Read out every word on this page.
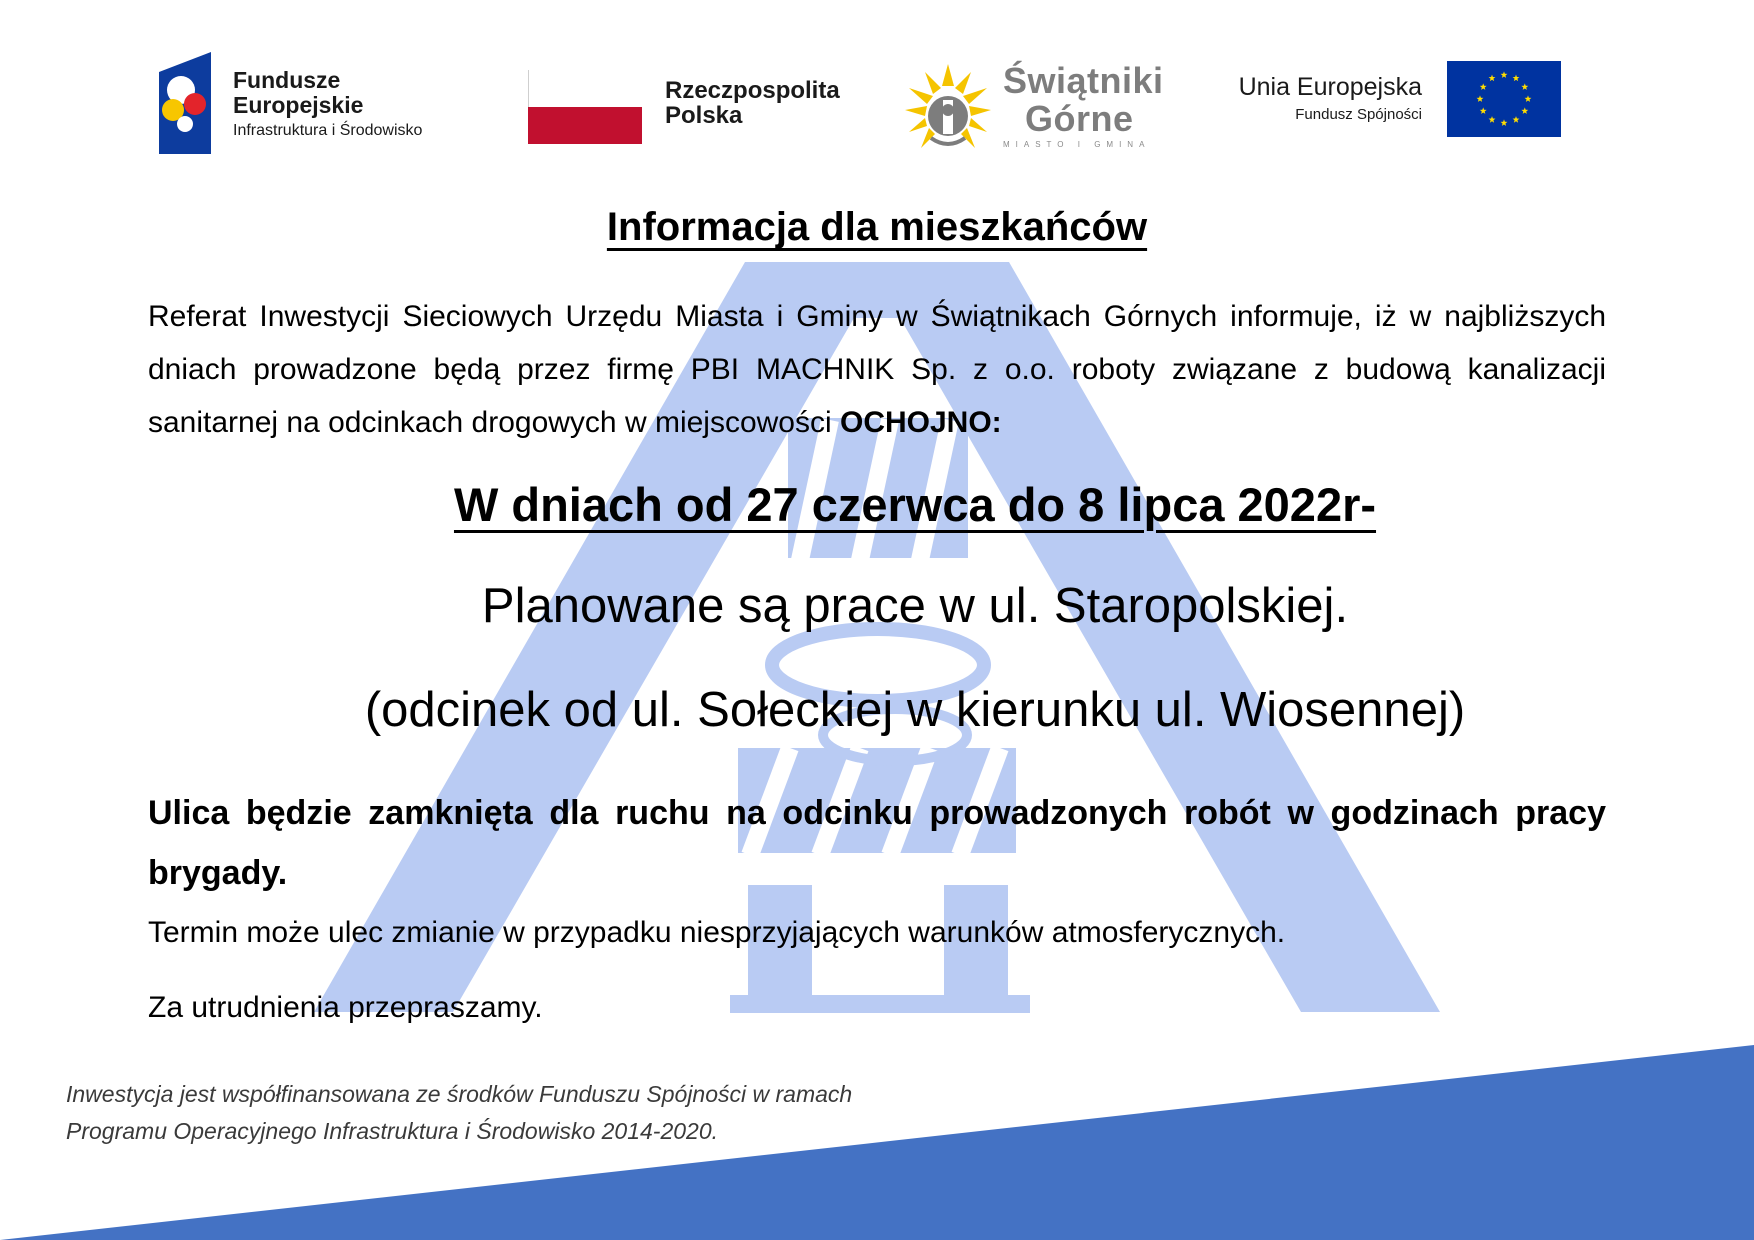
Fundusze
Europejskie
Infrastruktura i Środowisko
Rzeczpospolita
Polska
Świątniki
Górne
MIASTO I GMINA
Unia Europejska
Fundusz Spójności
Informacja dla mieszkańców
Referat Inwestycji Sieciowych Urzędu Miasta i Gminy w Świątnikach Górnych informuje, iż w najbliższych dniach prowadzone będą przez firmę PBI MACHNIK Sp. z o.o. roboty związane z budową kanalizacji sanitarnej na odcinkach drogowych w miejscowości OCHOJNO:
W dniach od 27 czerwca do 8 lipca 2022r-
Planowane są prace w ul. Staropolskiej.
(odcinek od ul. Sołeckiej w kierunku ul. Wiosennej)
Ulica będzie zamknięta dla ruchu na odcinku prowadzonych robót w godzinach pracy brygady.
Termin może ulec zmianie w przypadku niesprzyjających warunków atmosferycznych.
Za utrudnienia przepraszamy.
Inwestycja jest współfinansowana ze środków Funduszu Spójności w ramach
Programu Operacyjnego Infrastruktura i Środowisko 2014-2020.
